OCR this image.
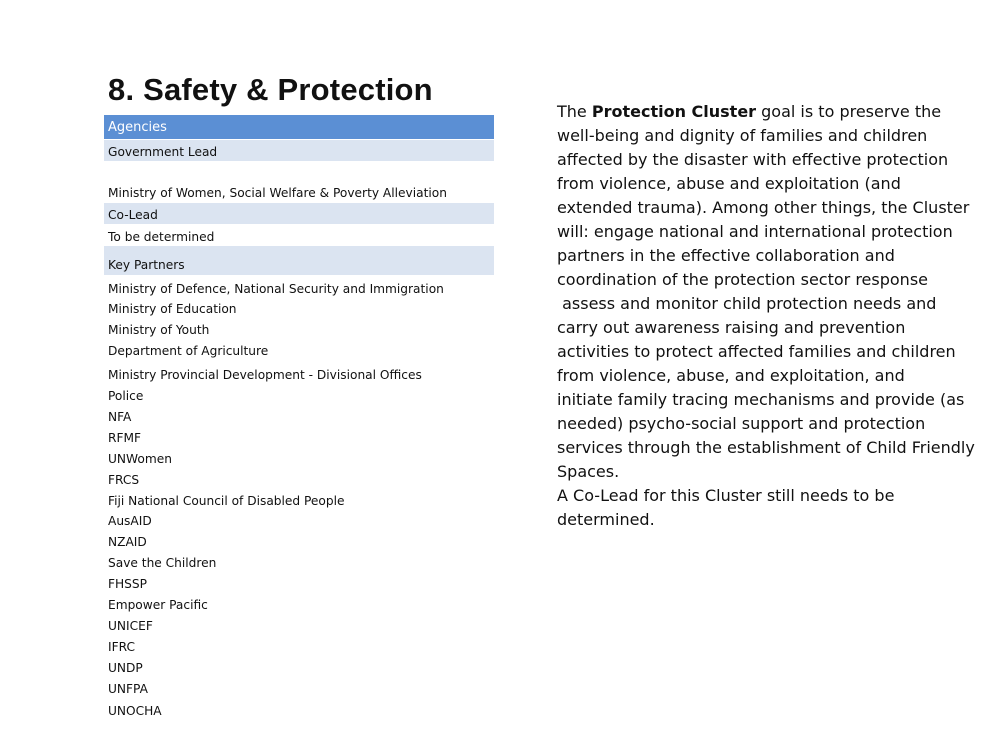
8. Safety & Protection
Agencies
Government Lead
Ministry of Women, Social Welfare & Poverty Alleviation
Co-Lead
To be determined
Key Partners
Ministry of Defence, National Security and Immigration
Ministry of Education
Ministry of Youth
Department of Agriculture
Ministry Provincial Development - Divisional Offices
Police
NFA
RFMF
UNWomen
FRCS
Fiji National Council of Disabled People
AusAID
NZAID
Save the Children
FHSSP
Empower Pacific
UNICEF
IFRC
UNDP
UNFPA
UNOCHA

The Protection Cluster goal is to preserve the well-being and dignity of families and children affected by the disaster with effective protection from violence, abuse and exploitation (and extended trauma). Among other things, the Cluster will: engage national and international protection partners in the effective collaboration and coordination of the protection sector response

assess and monitor child protection needs and carry out awareness raising and prevention activities to protect affected families and children from violence, abuse, and exploitation, and

initiate family tracing mechanisms and provide (as needed) psycho-social support and protection services through the establishment of Child Friendly Spaces.

A Co-Lead for this Cluster still needs to be determined.
